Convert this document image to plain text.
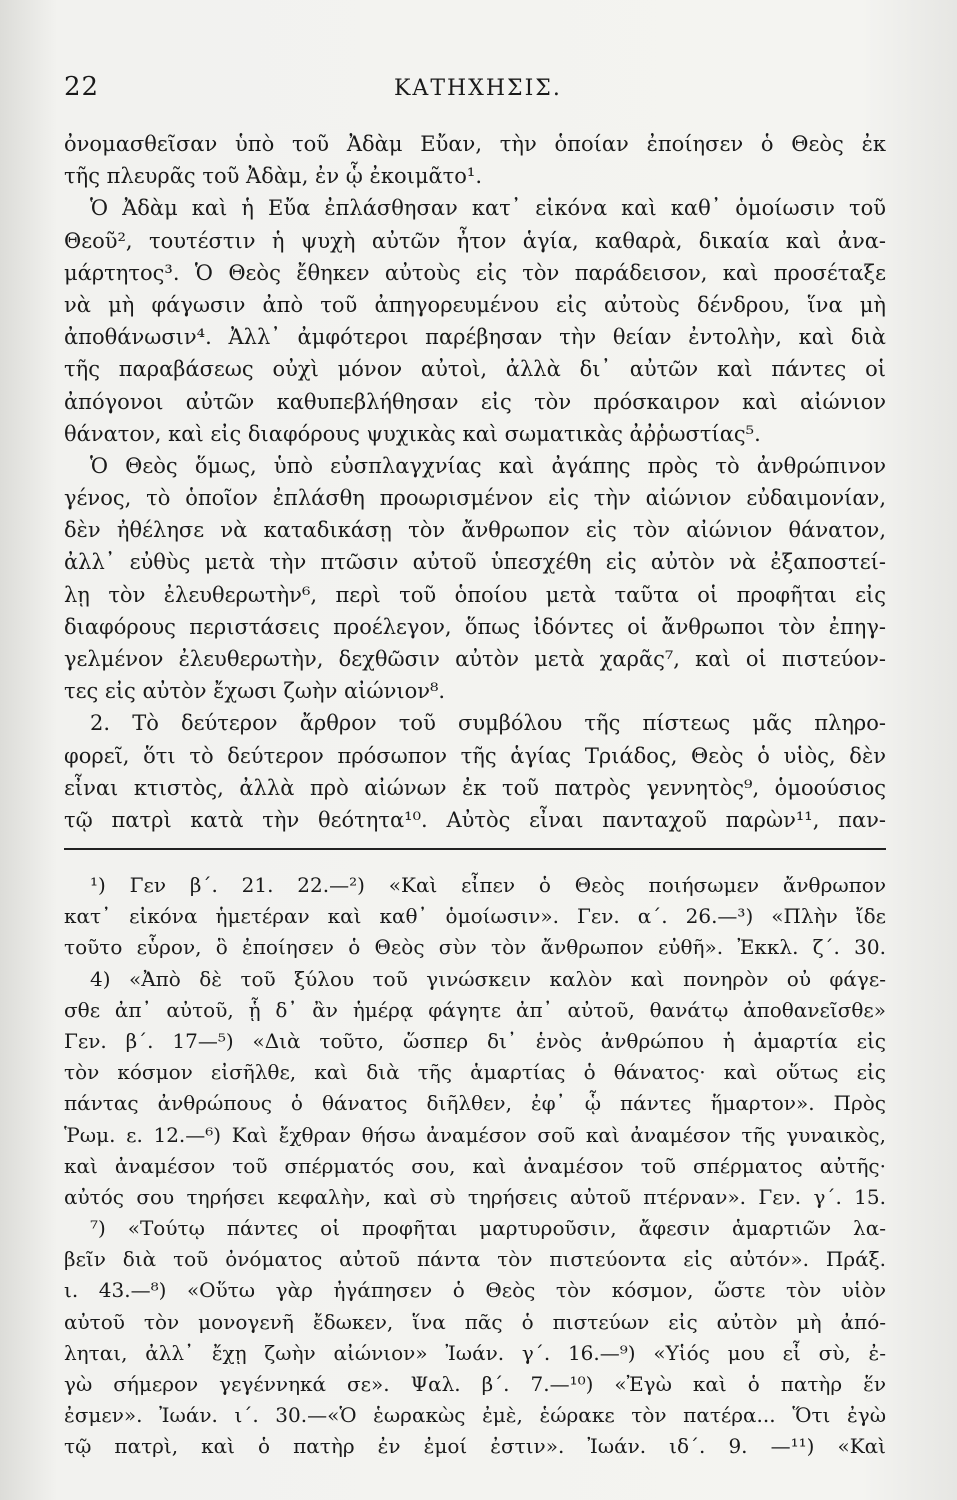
22	ΚΑΤΗΧΗΣΙΣ.
ὀνομασθεῖσαν ὑπὸ τοῦ Ἀδὰμ Εὔαν, τὴν ὁποίαν ἐποίησεν ὁ Θεὸς ἐκ
τῆς πλευρᾶς τοῦ Ἀδὰμ, ἐν ᾧ ἐκοιμᾶτο¹.
Ὁ Ἀδὰμ καὶ ἡ Εὔα ἐπλάσθησαν κατ᾽ εἰκόνα καὶ καθ᾽ ὁμοίωσιν τοῦ
Θεοῦ², τουτέστιν ἡ ψυχὴ αὐτῶν ἦτον ἁγία, καθαρὰ, δικαία καὶ ἀνα-
μάρτητος³. Ὁ Θεὸς ἔθηκεν αὐτοὺς εἰς τὸν παράδεισον, καὶ προσέταξε
νὰ μὴ φάγωσιν ἀπὸ τοῦ ἀπηγορευμένου εἰς αὐτοὺς δένδρου, ἵνα μὴ
ἀποθάνωσιν⁴. Ἀλλ᾽ ἀμφότεροι παρέβησαν τὴν θείαν ἐντολὴν, καὶ διὰ
τῆς παραβάσεως οὐχὶ μόνον αὐτοὶ, ἀλλὰ δι᾽ αὐτῶν καὶ πάντες οἱ
ἀπόγονοι αὐτῶν καθυπεβλήθησαν εἰς τὸν πρόσκαιρον καὶ αἰώνιον
θάνατον, καὶ εἰς διαφόρους ψυχικὰς καὶ σωματικὰς ἀῤῥωστίας⁵.
Ὁ Θεὸς ὅμως, ὑπὸ εὐσπλαγχνίας καὶ ἀγάπης πρὸς τὸ ἀνθρώπινον
γένος, τὸ ὁποῖον ἐπλάσθη προωρισμένον εἰς τὴν αἰώνιον εὐδαιμονίαν,
δὲν ἠθέλησε νὰ καταδικάσῃ τὸν ἄνθρωπον εἰς τὸν αἰώνιον θάνατον,
ἀλλ᾽ εὐθὺς μετὰ τὴν πτῶσιν αὐτοῦ ὑπεσχέθη εἰς αὐτὸν νὰ ἐξαποστεί-
λῃ τὸν ἐλευθερωτὴν⁶, περὶ τοῦ ὁποίου μετὰ ταῦτα οἱ προφῆται εἰς
διαφόρους περιστάσεις προέλεγον, ὅπως ἰδόντες οἱ ἄνθρωποι τὸν ἐπηγ-
γελμένον ἐλευθερωτὴν, δεχθῶσιν αὐτὸν μετὰ χαρᾶς⁷, καὶ οἱ πιστεύον-
τες εἰς αὐτὸν ἔχωσι ζωὴν αἰώνιον⁸.
2. Τὸ δεύτερον ἄρθρον τοῦ συμβόλου τῆς πίστεως μᾶς πληρο-
φορεῖ, ὅτι τὸ δεύτερον πρόσωπον τῆς ἁγίας Τριάδος, Θεὸς ὁ υἱὸς, δὲν
εἶναι κτιστὸς, ἀλλὰ πρὸ αἰώνων ἐκ τοῦ πατρὸς γεννητὸς⁹, ὁμοούσιος
τῷ πατρὶ κατὰ τὴν θεότητα¹⁰. Αὐτὸς εἶναι πανταχοῦ παρὼν¹¹, παν-
¹) Γεν β΄. 21. 22.—²) «Καὶ εἶπεν ὁ Θεὸς ποιήσωμεν ἄνθρωπον
κατ᾽ εἰκόνα ἡμετέραν καὶ καθ᾽ ὁμοίωσιν». Γεν. α΄. 26.—³) «Πλὴν ἴδε
τοῦτο εὗρον, ὃ ἐποίησεν ὁ Θεὸς σὺν τὸν ἄνθρωπον εὐθῆ». Ἐκκλ. ζ΄. 30.
4) «Ἀπὸ δὲ τοῦ ξύλου τοῦ γινώσκειν καλὸν καὶ πονηρὸν οὐ φάγε-
σθε ἀπ᾽ αὐτοῦ, ᾗ δ᾽ ἂν ἡμέρᾳ φάγητε ἀπ᾽ αὐτοῦ, θανάτῳ ἀποθανεῖσθε»
Γεν. β΄. 17—⁵) «Διὰ τοῦτο, ὥσπερ δι᾽ ἑνὸς ἀνθρώπου ἡ ἁμαρτία εἰς
τὸν κόσμον εἰσῆλθε, καὶ διὰ τῆς ἁμαρτίας ὁ θάνατος· καὶ οὕτως εἰς
πάντας ἀνθρώπους ὁ θάνατος διῆλθεν, ἐφ᾽ ᾧ πάντες ἥμαρτον». Πρὸς
Ῥωμ. ε. 12.—⁶) Καὶ ἔχθραν θήσω ἀναμέσον σοῦ καὶ ἀναμέσον τῆς γυναικὸς,
καὶ ἀναμέσον τοῦ σπέρματός σου, καὶ ἀναμέσον τοῦ σπέρματος αὐτῆς·
αὐτός σου τηρήσει κεφαλὴν, καὶ σὺ τηρήσεις αὐτοῦ πτέρναν». Γεν. γ΄. 15.
⁷) «Τούτῳ πάντες οἱ προφῆται μαρτυροῦσιν, ἄφεσιν ἁμαρτιῶν λα-
βεῖν διὰ τοῦ ὀνόματος αὐτοῦ πάντα τὸν πιστεύοντα εἰς αὐτόν». Πράξ.
ι. 43.—⁸) «Οὕτω γὰρ ἠγάπησεν ὁ Θεὸς τὸν κόσμον, ὥστε τὸν υἱὸν
αὐτοῦ τὸν μονογενῆ ἔδωκεν, ἵνα πᾶς ὁ πιστεύων εἰς αὐτὸν μὴ ἀπό-
ληται, ἀλλ᾽ ἔχῃ ζωὴν αἰώνιον» Ἰωάν. γ΄. 16.—⁹) «Υἱός μου εἶ σὺ, ἐ-
γὼ σήμερον γεγέννηκά σε». Ψαλ. β΄. 7.—¹⁰) «Ἐγὼ καὶ ὁ πατὴρ ἕν
ἐσμεν». Ἰωάν. ι΄. 30.—«Ὁ ἑωρακὼς ἐμὲ, ἑώρακε τὸν πατέρα... Ὅτι ἐγὼ
τῷ πατρὶ, καὶ ὁ πατὴρ ἐν ἐμοί ἐστιν». Ἰωάν. ιδ΄. 9. —¹¹) «Καὶ
